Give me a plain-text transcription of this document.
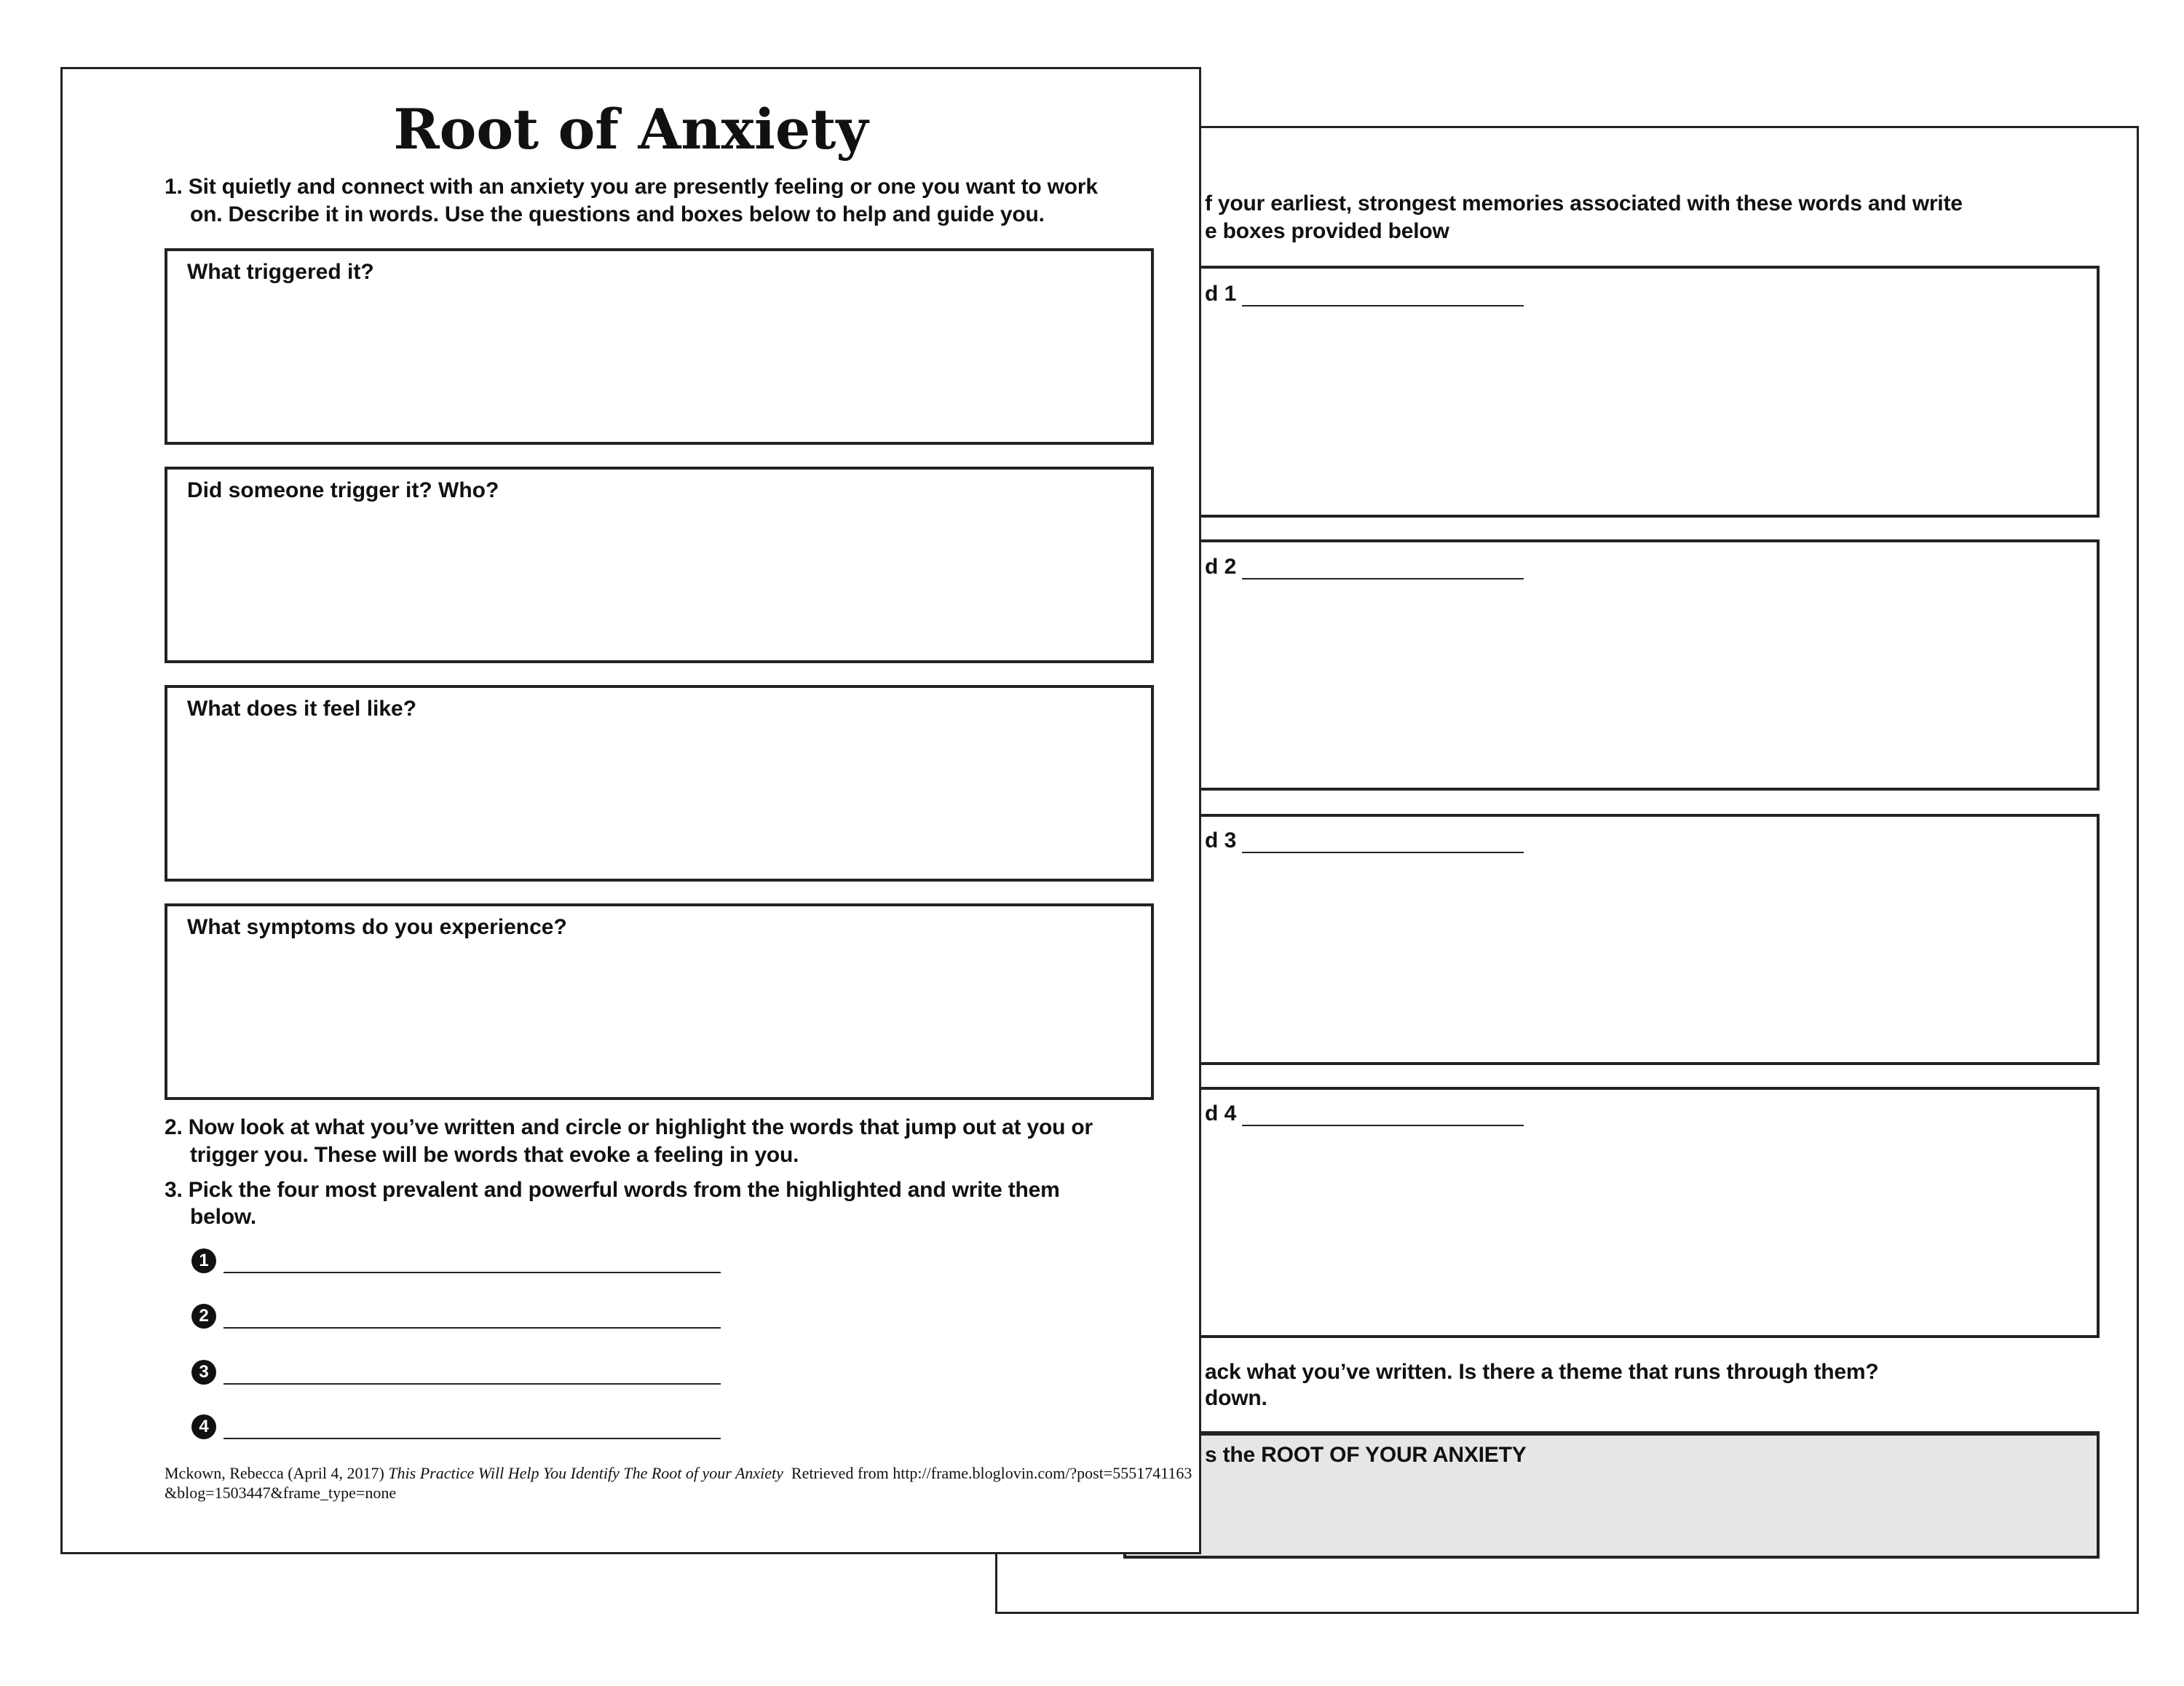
f your earliest, strongest memories associated with these words and write
e boxes provided below
d 1
d 2
d 3
d 4
ack what you’ve written. Is there a theme that runs through them?
down.
s the ROOT OF YOUR ANXIETY
Root of Anxiety
1. Sit quietly and connect with an anxiety you are presently feeling or one you want to work
on. Describe it in words. Use the questions and boxes below to help and guide you.
What triggered it?
Did someone trigger it? Who?
What does it feel like?
What symptoms do you experience?
2. Now look at what you’ve written and circle or highlight the words that jump out at you or
trigger you. These will be words that evoke a feeling in you.
3. Pick the four most prevalent and powerful words from the highlighted and write them
below.
1
2
3
4
Mckown, Rebecca (April 4, 2017) This Practice Will Help You Identify The Root of your Anxiety Retrieved from http://frame.bloglovin.com/?post=5551741163&blog=1503447&frame_type=none
